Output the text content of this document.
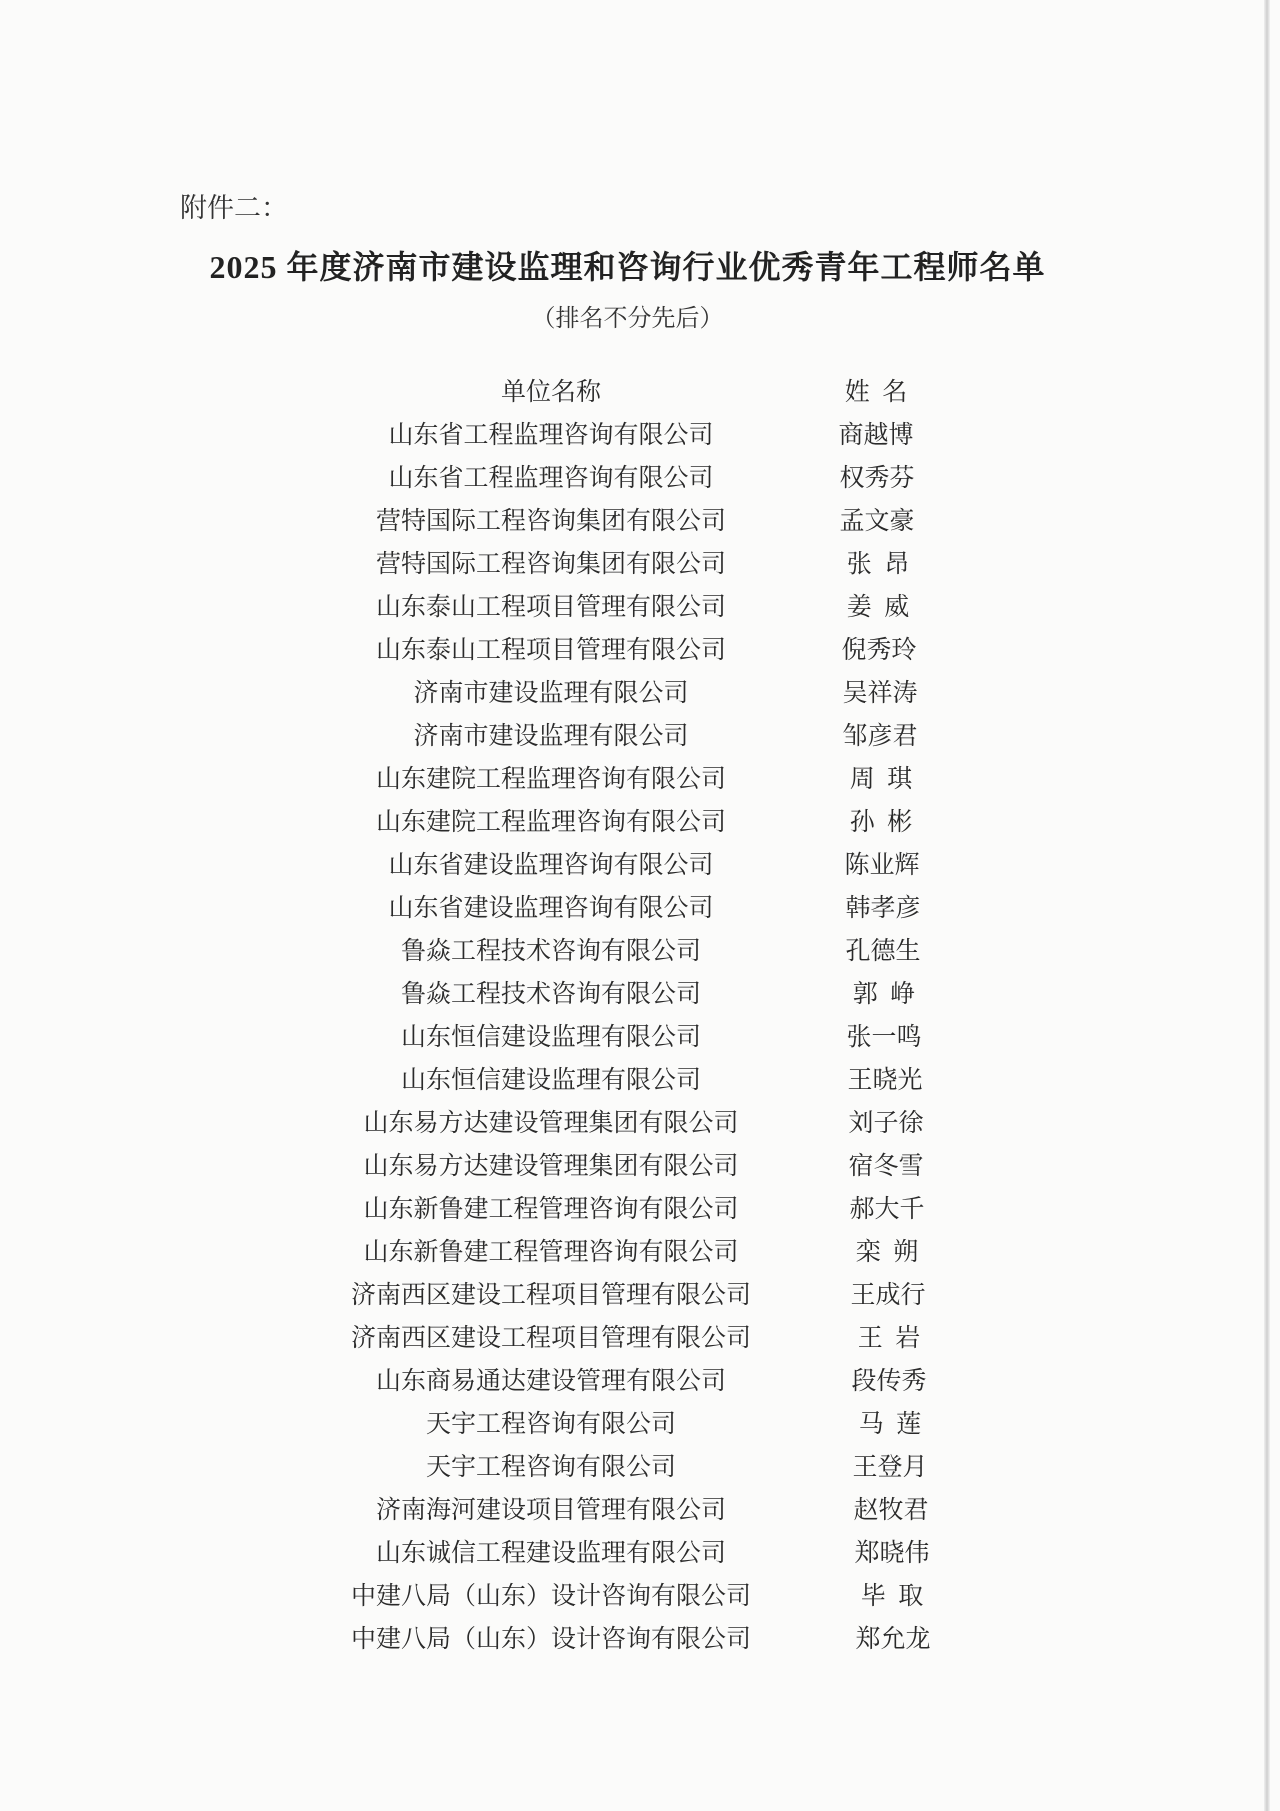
附件二：
2025 年度济南市建设监理和咨询行业优秀青年工程师名单
（排名不分先后）
单位名称	姓  名
山东省工程监理咨询有限公司	商越博
山东省工程监理咨询有限公司	权秀芬
营特国际工程咨询集团有限公司	孟文豪
营特国际工程咨询集团有限公司	张  昂
山东泰山工程项目管理有限公司	姜  威
山东泰山工程项目管理有限公司	倪秀玲
济南市建设监理有限公司	吴祥涛
济南市建设监理有限公司	邹彦君
山东建院工程监理咨询有限公司	周  琪
山东建院工程监理咨询有限公司	孙  彬
山东省建设监理咨询有限公司	陈业辉
山东省建设监理咨询有限公司	韩孝彦
鲁焱工程技术咨询有限公司	孔德生
鲁焱工程技术咨询有限公司	郭  峥
山东恒信建设监理有限公司	张一鸣
山东恒信建设监理有限公司	王晓光
山东易方达建设管理集团有限公司	刘子徐
山东易方达建设管理集团有限公司	宿冬雪
山东新鲁建工程管理咨询有限公司	郝大千
山东新鲁建工程管理咨询有限公司	栾  朔
济南西区建设工程项目管理有限公司	王成行
济南西区建设工程项目管理有限公司	王  岩
山东商易通达建设管理有限公司	段传秀
天宇工程咨询有限公司	马  莲
天宇工程咨询有限公司	王登月
济南海河建设项目管理有限公司	赵牧君
山东诚信工程建设监理有限公司	郑晓伟
中建八局（山东）设计咨询有限公司	毕  取
中建八局（山东）设计咨询有限公司	郑允龙
